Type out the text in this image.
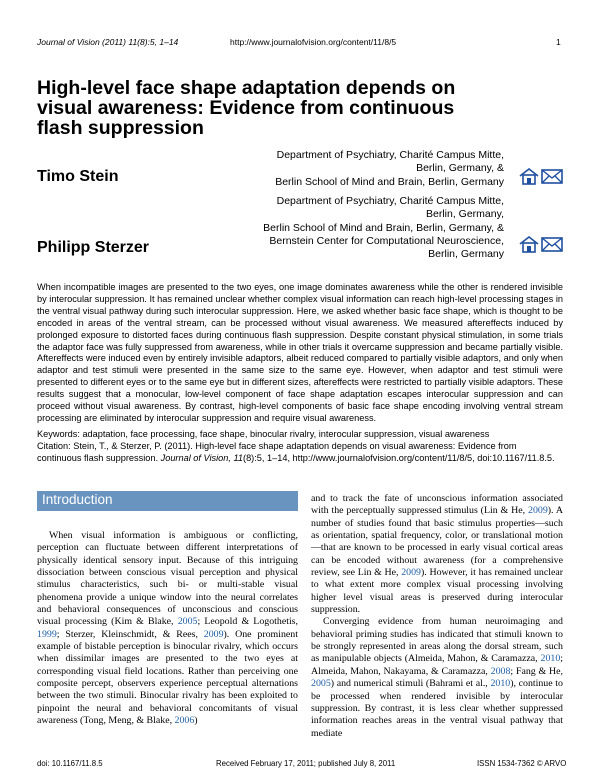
Journal of Vision (2011) 11(8):5, 1–14	http://www.journalofvision.org/content/11/8/5	1
High-level face shape adaptation depends on visual awareness: Evidence from continuous flash suppression
Timo Stein
Department of Psychiatry, Charité Campus Mitte,
Berlin, Germany, &
Berlin School of Mind and Brain, Berlin, Germany
Philipp Sterzer
Department of Psychiatry, Charité Campus Mitte,
Berlin, Germany,
Berlin School of Mind and Brain, Berlin, Germany, &
Bernstein Center for Computational Neuroscience,
Berlin, Germany
When incompatible images are presented to the two eyes, one image dominates awareness while the other is rendered invisible by interocular suppression. It has remained unclear whether complex visual information can reach high-level processing stages in the ventral visual pathway during such interocular suppression. Here, we asked whether basic face shape, which is thought to be encoded in areas of the ventral stream, can be processed without visual awareness. We measured aftereffects induced by prolonged exposure to distorted faces during continuous flash suppression. Despite constant physical stimulation, in some trials the adaptor face was fully suppressed from awareness, while in other trials it overcame suppression and became partially visible. Aftereffects were induced even by entirely invisible adaptors, albeit reduced compared to partially visible adaptors, and only when adaptor and test stimuli were presented in the same size to the same eye. However, when adaptor and test stimuli were presented to different eyes or to the same eye but in different sizes, aftereffects were restricted to partially visible adaptors. These results suggest that a monocular, low-level component of face shape adaptation escapes interocular suppression and can proceed without visual awareness. By contrast, high-level components of basic face shape encoding involving ventral stream processing are eliminated by interocular suppression and require visual awareness.
Keywords: adaptation, face processing, face shape, binocular rivalry, interocular suppression, visual awareness
Citation: Stein, T., & Sterzer, P. (2011). High-level face shape adaptation depends on visual awareness: Evidence from continuous flash suppression. Journal of Vision, 11(8):5, 1–14, http://www.journalofvision.org/content/11/8/5, doi:10.1167/11.8.5.
Introduction

When visual information is ambiguous or conflicting, perception can fluctuate between different interpretations of physically identical sensory input. Because of this intriguing dissociation between conscious visual perception and physical stimulus characteristics, such bi- or multi-stable visual phenomena provide a unique window into the neural correlates and behavioral consequences of unconscious and conscious visual processing (Kim & Blake, 2005; Leopold & Logothetis, 1999; Sterzer, Kleinschmidt, & Rees, 2009). One prominent example of bistable perception is binocular rivalry, which occurs when dissimilar images are presented to the two eyes at corresponding visual field locations. Rather than perceiving one composite percept, observers experience perceptual alternations between the two stimuli. Binocular rivalry has been exploited to pinpoint the neural and behavioral concomitants of visual awareness (Tong, Meng, & Blake, 2006)

and to track the fate of unconscious information associated with the perceptually suppressed stimulus (Lin & He, 2009). A number of studies found that basic stimulus properties—such as orientation, spatial frequency, color, or translational motion—that are known to be processed in early visual cortical areas can be encoded without awareness (for a comprehensive review, see Lin & He, 2009). However, it has remained unclear to what extent more complex visual processing involving higher level visual areas is preserved during interocular suppression.

Converging evidence from human neuroimaging and behavioral priming studies has indicated that stimuli known to be strongly represented in areas along the dorsal stream, such as manipulable objects (Almeida, Mahon, & Caramazza, 2010; Almeida, Mahon, Nakayama, & Caramazza, 2008; Fang & He, 2005) and numerical stimuli (Bahrami et al., 2010), continue to be processed when rendered invisible by interocular suppression. By contrast, it is less clear whether suppressed information reaches areas in the ventral visual pathway that mediate

doi: 10.1167/11.8.5	Received February 17, 2011; published July 8, 2011	ISSN 1534-7362 © ARVO
